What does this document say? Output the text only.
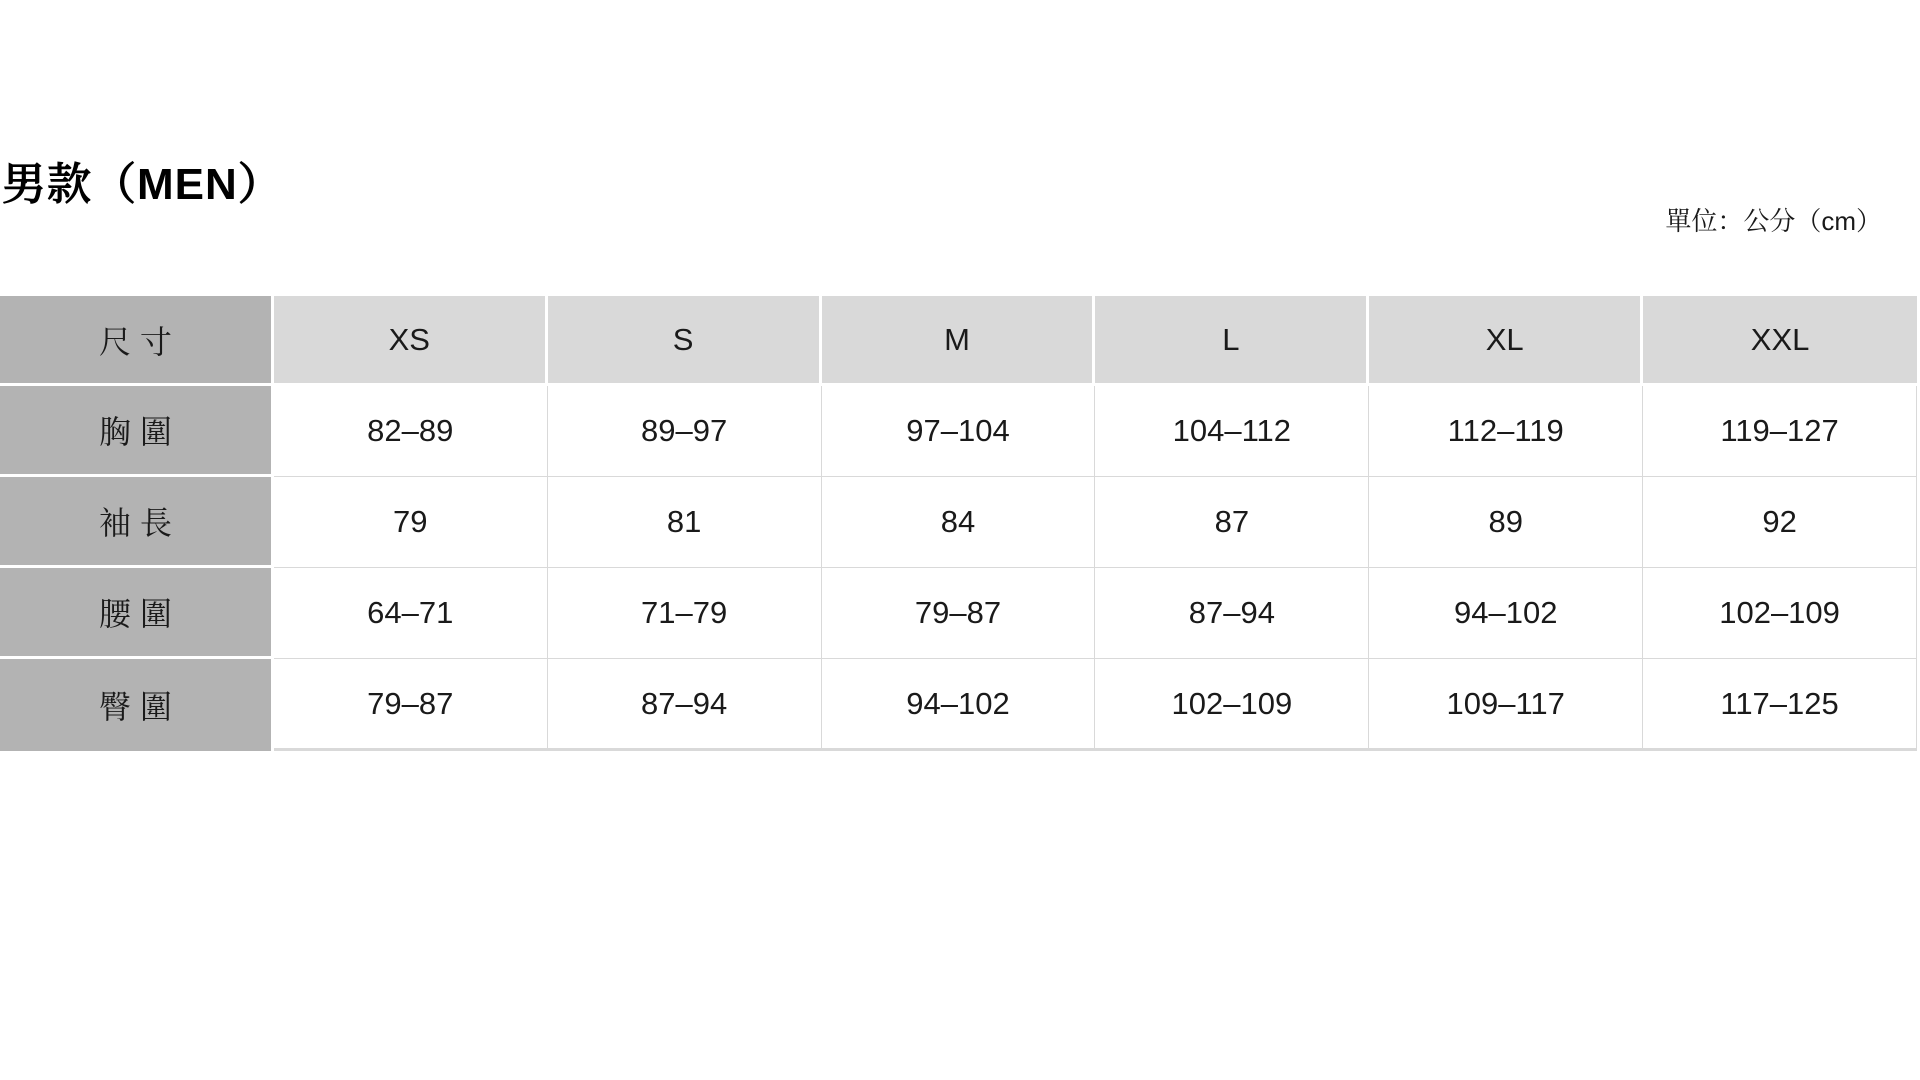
男款（MEN）
單位：公分（cm）
尺 寸	XS	S	M	L	XL	XXL
胸 圍	82–89	89–97	97–104	104–112	112–119	119–127
袖 長	79	81	84	87	89	92
腰 圍	64–71	71–79	79–87	87–94	94–102	102–109
臀 圍	79–87	87–94	94–102	102–109	109–117	117–125
